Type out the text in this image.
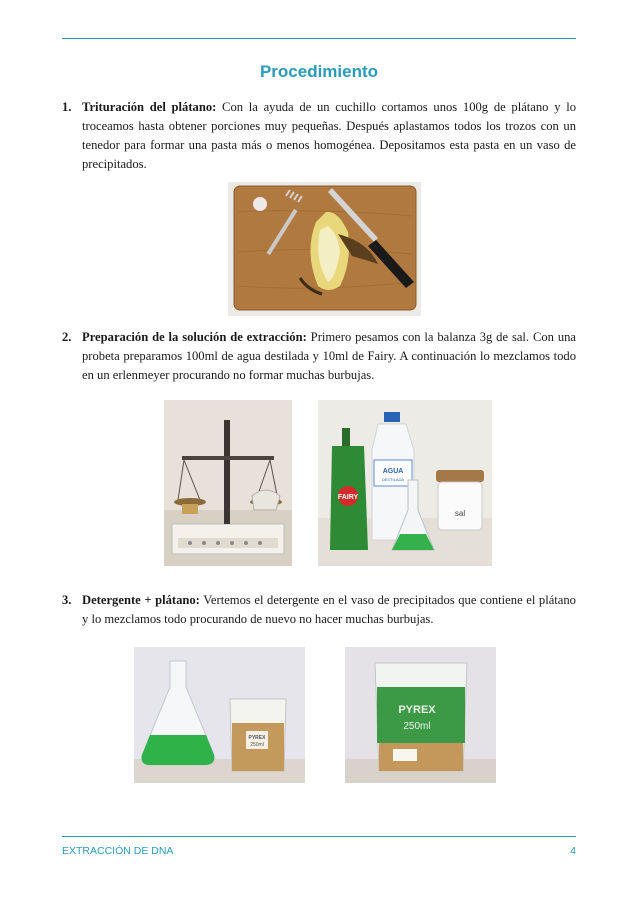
Procedimiento
1. Trituración del plátano: Con la ayuda de un cuchillo cortamos unos 100g de plátano y lo troceamos hasta obtener porciones muy pequeñas. Después aplastamos todos los trozos con un tenedor para formar una pasta más o menos homogénea. Depositamos esta pasta en un vaso de precipitados.
2. Preparación de la solución de extracción: Primero pesamos con la balanza 3g de sal. Con una probeta preparamos 100ml de agua destilada y 10ml de Fairy. A continuación lo mezclamos todo en un erlenmeyer procurando no formar muchas burbujas.
FAIRY
AGUA
DESTILADA
sal
3. Detergente + plátano: Vertemos el detergente en el vaso de precipitados que contiene el plátano y lo mezclamos todo procurando de nuevo no hacer muchas burbujas.
PYREX
250ml
PYREX
250ml
EXTRACCIÓN DE DNA	4
